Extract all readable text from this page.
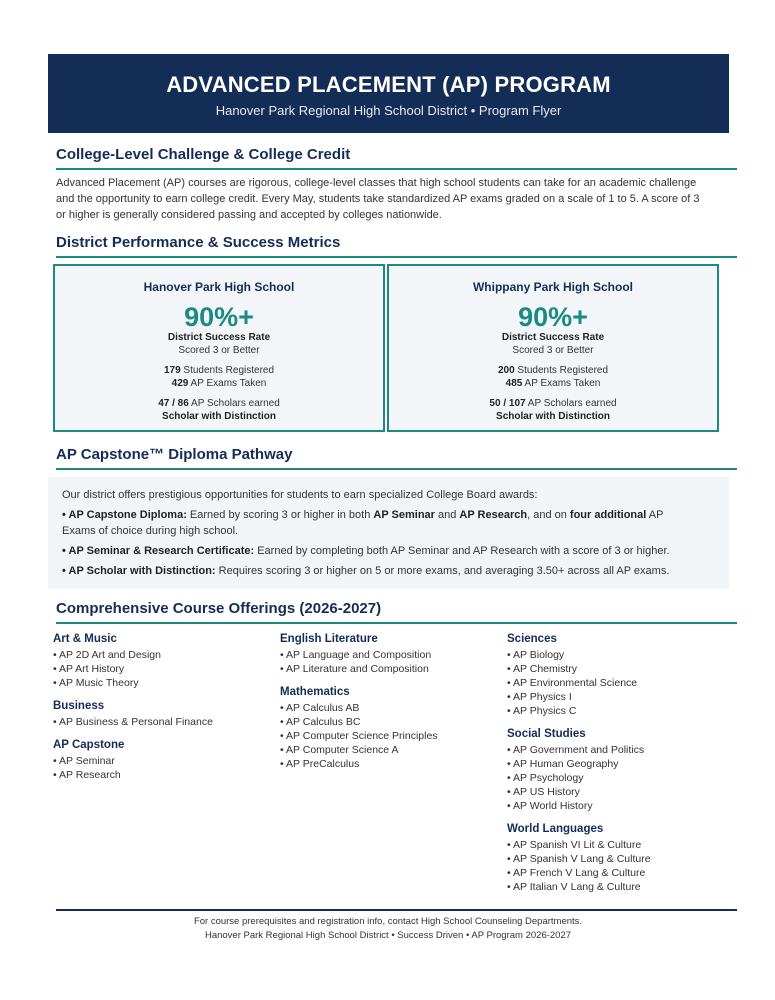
ADVANCED PLACEMENT (AP) PROGRAM
Hanover Park Regional High School District • Program Flyer
College-Level Challenge & College Credit
Advanced Placement (AP) courses are rigorous, college-level classes that high school students can take for an academic challenge
and the opportunity to earn college credit. Every May, students take standardized AP exams graded on a scale of 1 to 5. A score of 3
or higher is generally considered passing and accepted by colleges nationwide.
District Performance & Success Metrics
Hanover Park High School
90%+
District Success Rate
Scored 3 or Better
179 Students Registered
429 AP Exams Taken
47 / 86 AP Scholars earned
Scholar with Distinction
Whippany Park High School
90%+
District Success Rate
Scored 3 or Better
200 Students Registered
485 AP Exams Taken
50 / 107 AP Scholars earned
Scholar with Distinction
AP Capstone™ Diploma Pathway
Our district offers prestigious opportunities for students to earn specialized College Board awards:
• AP Capstone Diploma: Earned by scoring 3 or higher in both AP Seminar and AP Research, and on four additional AP
Exams of choice during high school.
• AP Seminar & Research Certificate: Earned by completing both AP Seminar and AP Research with a score of 3 or higher.
• AP Scholar with Distinction: Requires scoring 3 or higher on 5 or more exams, and averaging 3.50+ across all AP exams.
Comprehensive Course Offerings (2026-2027)
Art & Music
• AP 2D Art and Design
• AP Art History
• AP Music Theory
Business
• AP Business & Personal Finance
AP Capstone
• AP Seminar
• AP Research
English Literature
• AP Language and Composition
• AP Literature and Composition
Mathematics
• AP Calculus AB
• AP Calculus BC
• AP Computer Science Principles
• AP Computer Science A
• AP PreCalculus
Sciences
• AP Biology
• AP Chemistry
• AP Environmental Science
• AP Physics I
• AP Physics C
Social Studies
• AP Government and Politics
• AP Human Geography
• AP Psychology
• AP US History
• AP World History
World Languages
• AP Spanish VI Lit & Culture
• AP Spanish V Lang & Culture
• AP French V Lang & Culture
• AP Italian V Lang & Culture
For course prerequisites and registration info, contact High School Counseling Departments.
Hanover Park Regional High School District • Success Driven • AP Program 2026-2027
